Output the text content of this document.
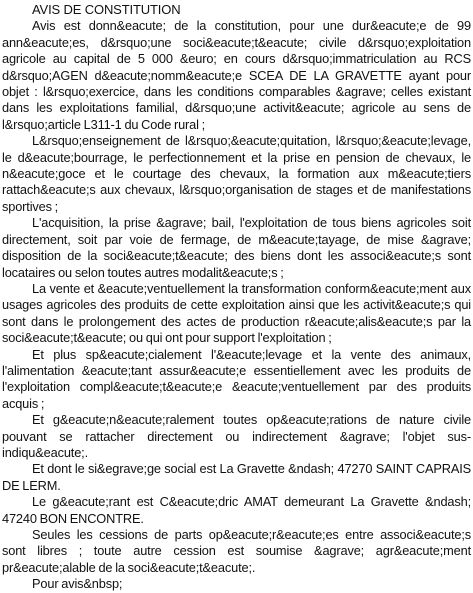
AVIS DE CONSTITUTION

Avis est donn&eacute; de la constitution, pour une dur&eacute;e de 99 ann&eacute;es, d&rsquo;une soci&eacute;t&eacute; civile d&rsquo;exploitation agricole au capital de 5 000 &euro; en cours d&rsquo;immatriculation au RCS d&rsquo;AGEN d&eacute;nomm&eacute;e SCEA DE LA GRAVETTE ayant pour objet : l&rsquo;exercice, dans les conditions comparables &agrave; celles existant dans les exploitations familial, d&rsquo;une activit&eacute; agricole au sens de l&rsquo;article L311-1 du Code rural ;

L&rsquo;enseignement de l&rsquo;&eacute;quitation, l&rsquo;&eacute;levage, le d&eacute;bourrage, le perfectionnement et la prise en pension de chevaux, le n&eacute;goce et le courtage des chevaux, la formation aux m&eacute;tiers rattach&eacute;s aux chevaux, l&rsquo;organisation de stages et de manifestations sportives ;

L'acquisition, la prise &agrave; bail, l'exploitation de tous biens agricoles soit directement, soit par voie de fermage, de m&eacute;tayage, de mise &agrave; disposition de la soci&eacute;t&eacute; des biens dont les associ&eacute;s sont locataires ou selon toutes autres modalit&eacute;s ;

La vente et &eacute;ventuellement la transformation conform&eacute;ment aux usages agricoles des produits de cette exploitation ainsi que les activit&eacute;s qui sont dans le prolongement des actes de production r&eacute;alis&eacute;s par la soci&eacute;t&eacute; ou qui ont pour support l'exploitation ;

Et plus sp&eacute;cialement l'&eacute;levage et la vente des animaux, l'alimentation &eacute;tant assur&eacute;e essentiellement avec les produits de l'exploitation compl&eacute;t&eacute;e &eacute;ventuellement par des produits acquis ;

Et g&eacute;n&eacute;ralement toutes op&eacute;rations de nature civile pouvant se rattacher directement ou indirectement &agrave; l'objet sus-indiqu&eacute;.

Et dont le si&egrave;ge social est La Gravette &ndash; 47270 SAINT CAPRAIS DE LERM.

Le g&eacute;rant est C&eacute;dric AMAT demeurant La Gravette &ndash; 47240 BON ENCONTRE.

Seules les cessions de parts op&eacute;r&eacute;es entre associ&eacute;s sont libres ; toute autre cession est soumise &agrave; agr&eacute;ment pr&eacute;alable de la soci&eacute;t&eacute;.

Pour avis&nbsp;
